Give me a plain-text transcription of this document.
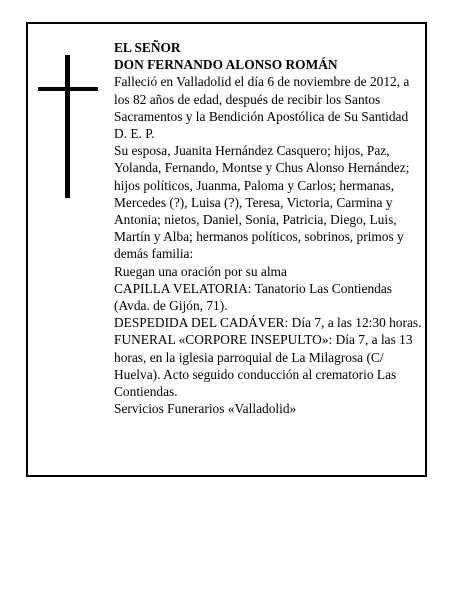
EL SEÑOR

DON FERNANDO ALONSO ROMÁN

Falleció en Valladolid el día 6 de noviembre de 2012, a los 82 años de edad, después de recibir los Santos Sacramentos y la Bendición Apostólica de Su Santidad D. E. P.

Su esposa, Juanita Hernández Casquero; hijos, Paz, Yolanda, Fernando, Montse y Chus Alonso Hernández; hijos políticos, Juanma, Paloma y Carlos; hermanas, Mercedes (?), Luisa (?), Teresa, Victoria, Carmina y Antonia; nietos, Daniel, Sonia, Patricia, Diego, Luis, Martín y Alba; hermanos políticos, sobrinos, primos y demás familia:

Ruegan una oración por su alma

CAPILLA VELATORIA: Tanatorio Las Contiendas (Avda. de Gijón, 71).

DESPEDIDA DEL CADÁVER: Día 7, a las 12:30 horas.

FUNERAL «CORPORE INSEPULTO»: Día 7, a las 13 horas, en la iglesia parroquial de La Milagrosa (C/ Huelva). Acto seguido conducción al crematorio Las Contiendas.

Servicios Funerarios «Valladolid»
